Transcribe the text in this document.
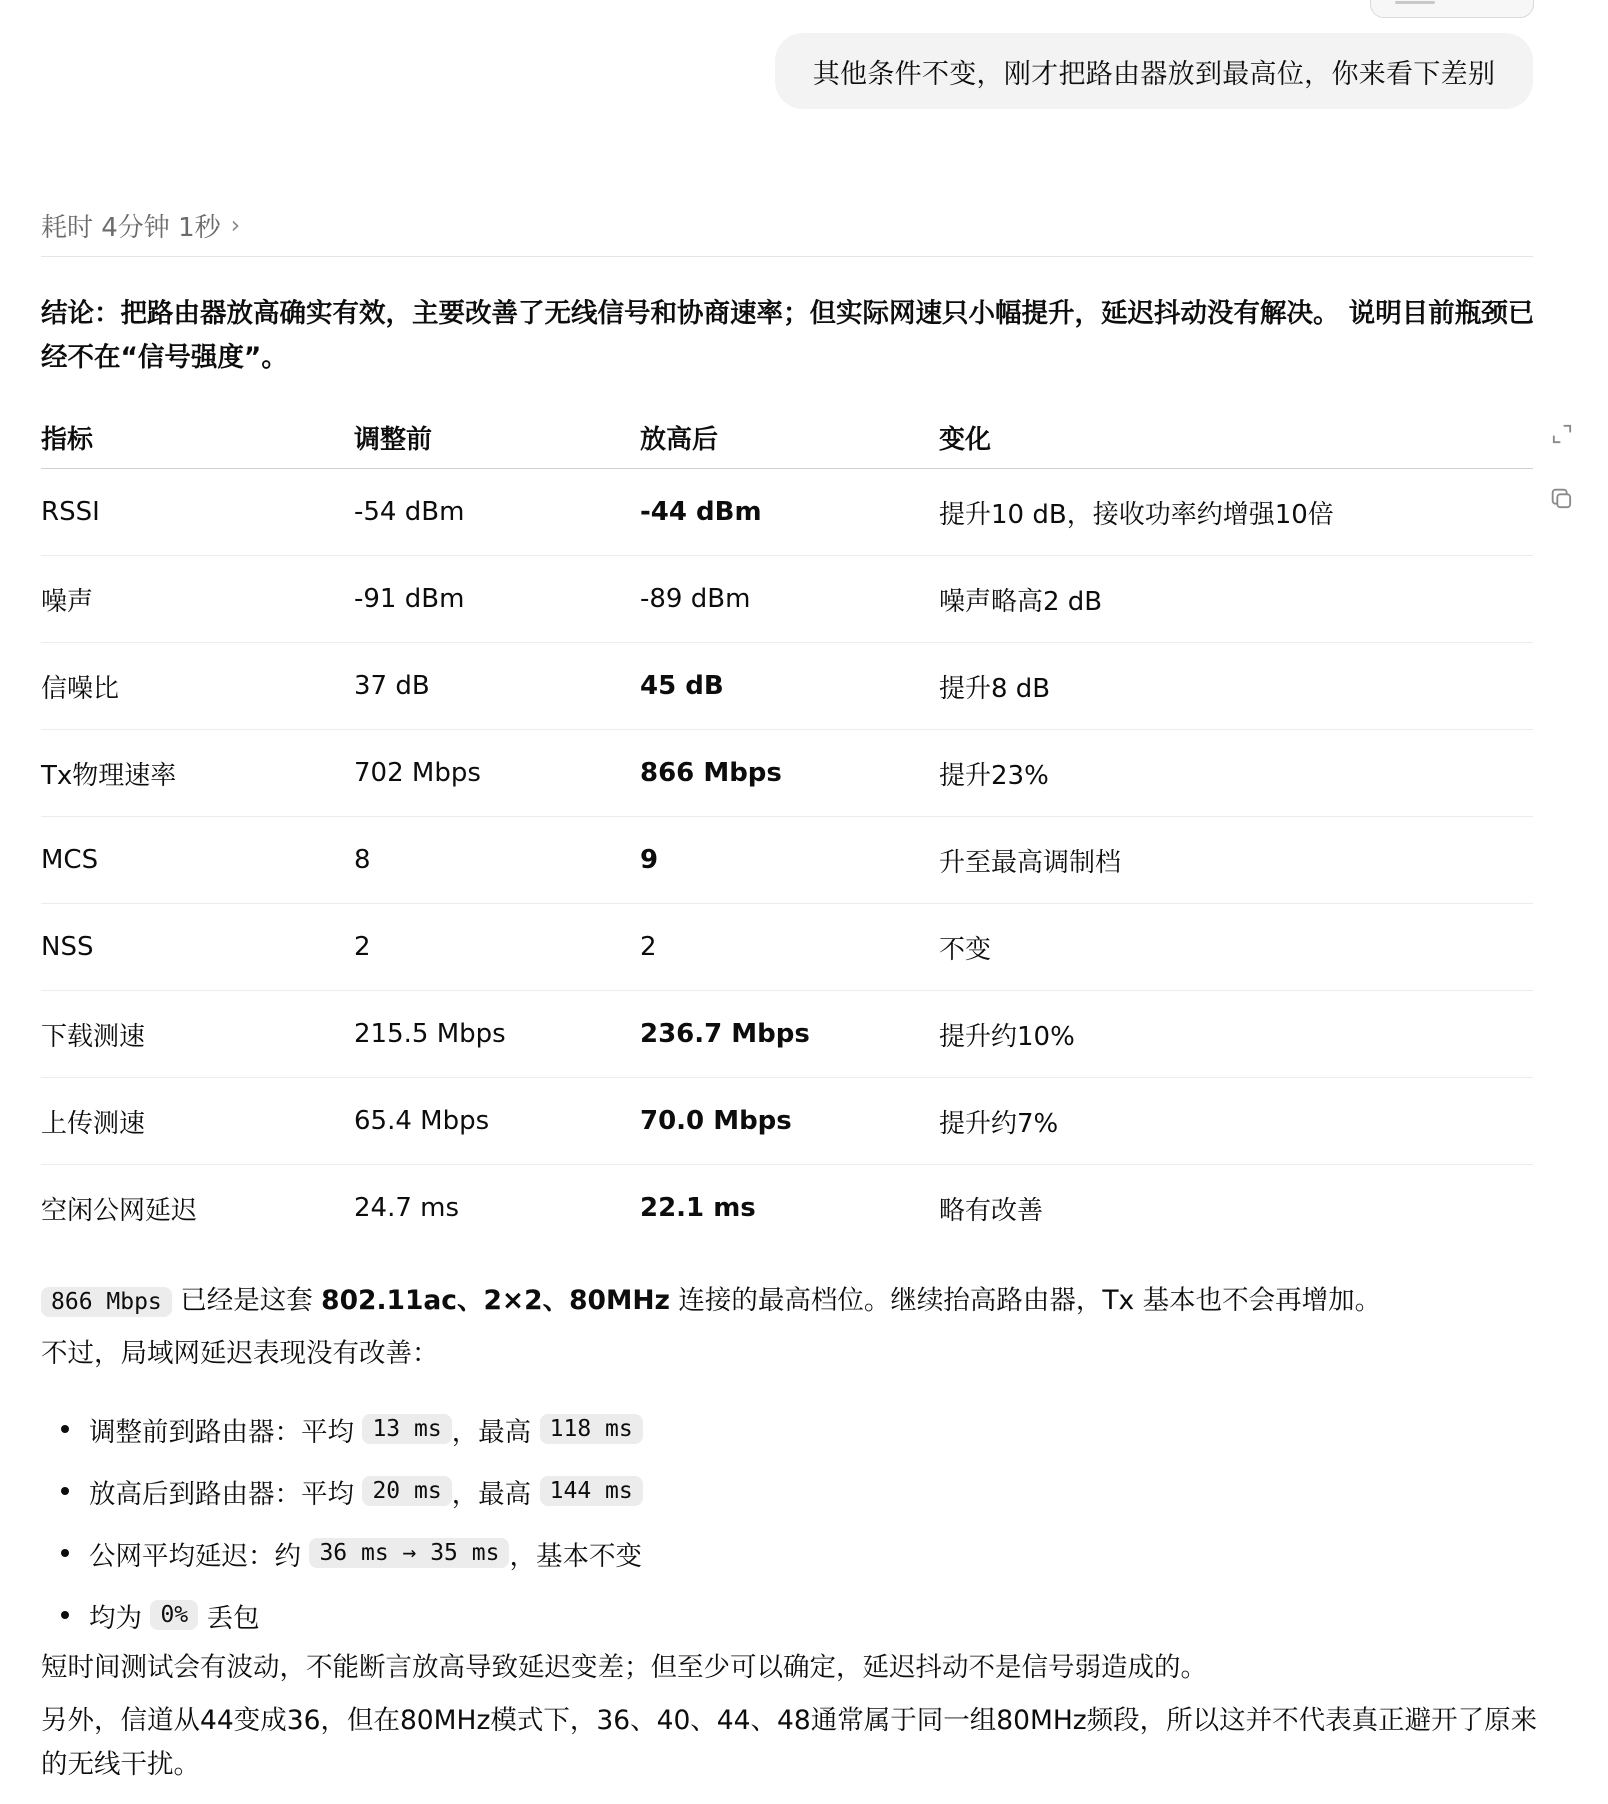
其他条件不变，刚才把路由器放到最高位，你来看下差别
耗时 4分钟 1秒 ›
结论：把路由器放高确实有效，主要改善了无线信号和协商速率；但实际网速只小幅提升，延迟抖动没有解决。 说明目前瓶颈已经不在“信号强度”。
指标	调整前	放高后	变化
RSSI	-54 dBm	-44 dBm	提升10 dB，接收功率约增强10倍
噪声	-91 dBm	-89 dBm	噪声略高2 dB
信噪比	37 dB	45 dB	提升8 dB
Tx物理速率	702 Mbps	866 Mbps	提升23%
MCS	8	9	升至最高调制档
NSS	2	2	不变
下载测速	215.5 Mbps	236.7 Mbps	提升约10%
上传测速	65.4 Mbps	70.0 Mbps	提升约7%
空闲公网延迟	24.7 ms	22.1 ms	略有改善
866 Mbps 已经是这套 802.11ac、2×2、80MHz 连接的最高档位。继续抬高路由器，Tx 基本也不会再增加。
不过，局域网延迟表现没有改善：
调整前到路由器：平均 13 ms ，最高 118 ms
放高后到路由器：平均 20 ms ，最高 144 ms
公网平均延迟：约 36 ms → 35 ms ，基本不变
均为 0% 丢包
短时间测试会有波动，不能断言放高导致延迟变差；但至少可以确定，延迟抖动不是信号弱造成的。
另外，信道从44变成36，但在80MHz模式下，36、40、44、48通常属于同一组80MHz频段，所以这并不代表真正避开了原来的无线干扰。
